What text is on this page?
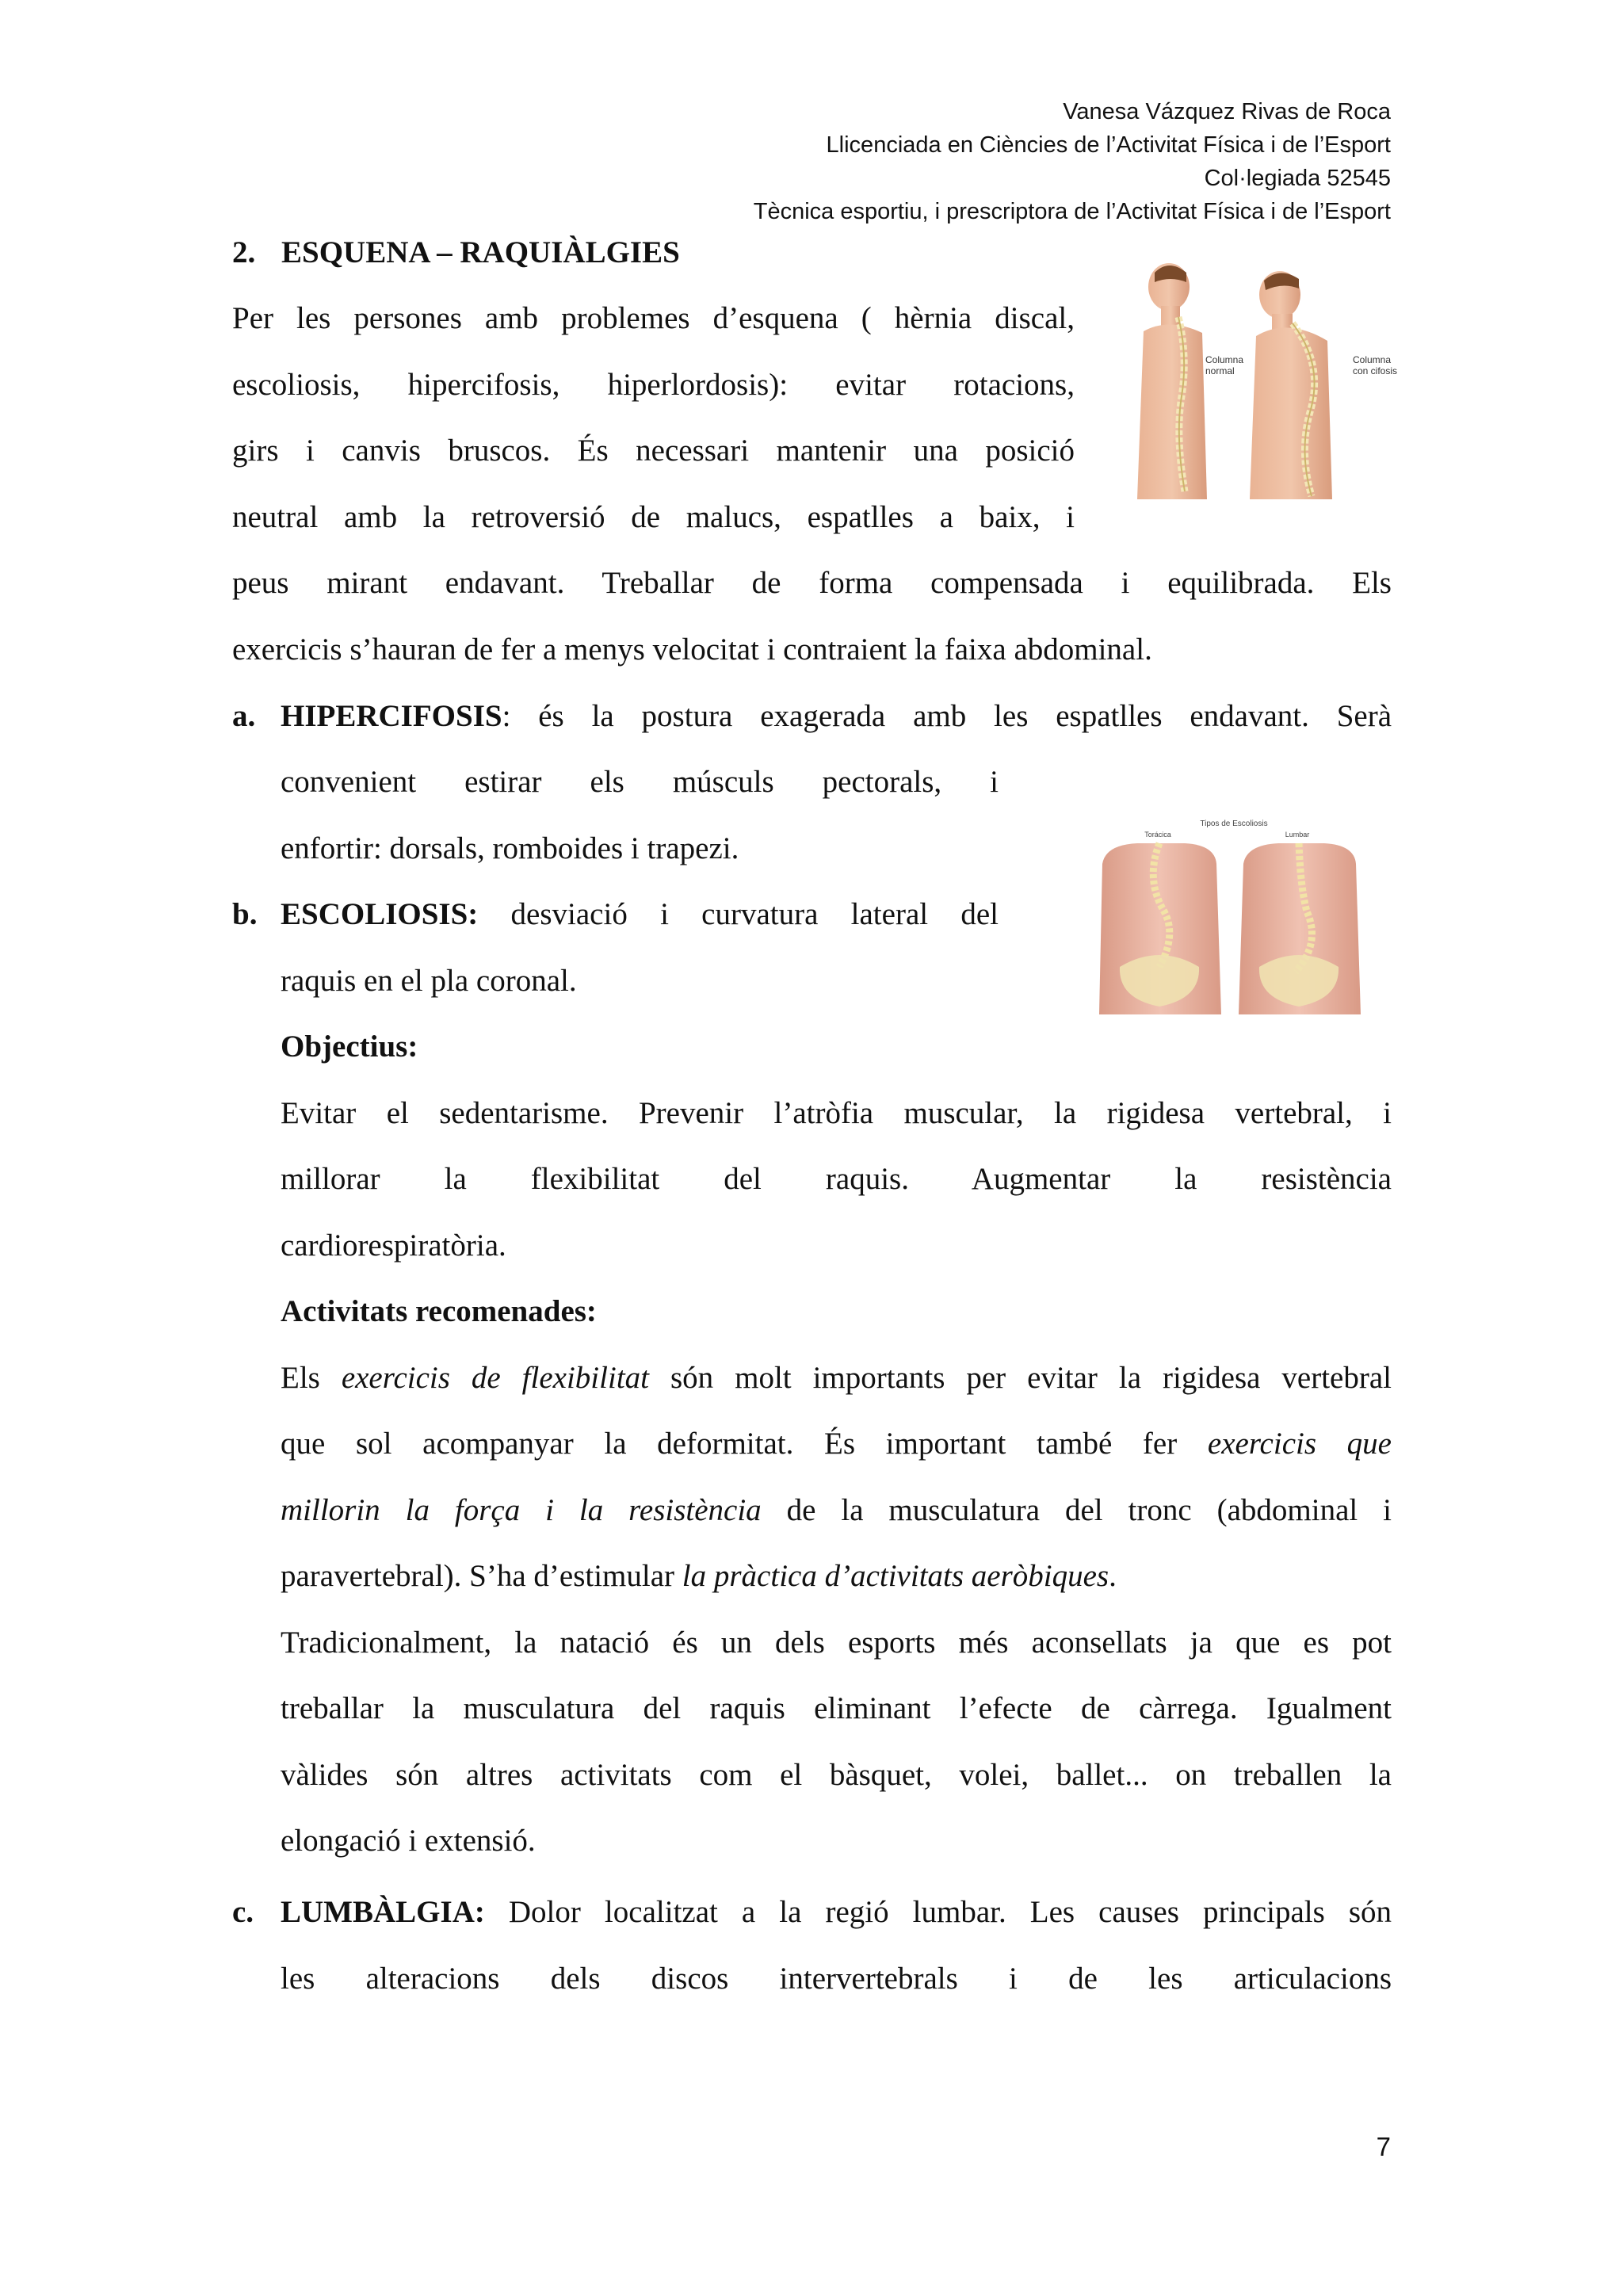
Vanesa Vázquez Rivas de Roca
Llicenciada en Ciències de l’Activitat Física i de l’Esport
Col·legiada 52545
Tècnica esportiu, i prescriptora de l’Activitat Física i de l’Esport
2. ESQUENA – RAQUIÀLGIES
Per les persones amb problemes d’esquena ( hèrnia discal,
escoliosis, hipercifosis, hiperlordosis): evitar rotacions,
girs i canvis bruscos. És necessari mantenir una posició
neutral amb la retroversió de malucs, espatlles a baix, i
peus mirant endavant. Treballar de forma compensada i equilibrada. Els
exercicis s’hauran de fer a menys velocitat i contraient la faixa abdominal.
Columna
normal
Columna
con cifosis
a. HIPERCIFOSIS: és la postura exagerada amb les espatlles endavant. Serà
convenient estirar els músculs pectorals, i
enfortir: dorsals, romboides i trapezi.
Tipos de Escoliosis
Torácica	Lumbar
b. ESCOLIOSIS: desviació i curvatura lateral del
raquis en el pla coronal.
Objectius:
Evitar el sedentarisme. Prevenir l’atròfia muscular, la rigidesa vertebral, i
millorar la flexibilitat del raquis. Augmentar la resistència
cardiorespiratòria.
Activitats recomenades:
Els exercicis de flexibilitat són molt importants per evitar la rigidesa vertebral
que sol acompanyar la deformitat. És important també fer exercicis que
millorin la força i la resistència de la musculatura del tronc (abdominal i
paravertebral). S’ha d’estimular la pràctica d’activitats aeròbiques.
Tradicionalment, la natació és un dels esports més aconsellats ja que es pot
treballar la musculatura del raquis eliminant l’efecte de càrrega. Igualment
vàlides són altres activitats com el bàsquet, volei, ballet... on treballen la
elongació i extensió.
c. LUMBÀLGIA: Dolor localitzat a la regió lumbar. Les causes principals són
les alteracions dels discos intervertebrals i de les articulacions
7
